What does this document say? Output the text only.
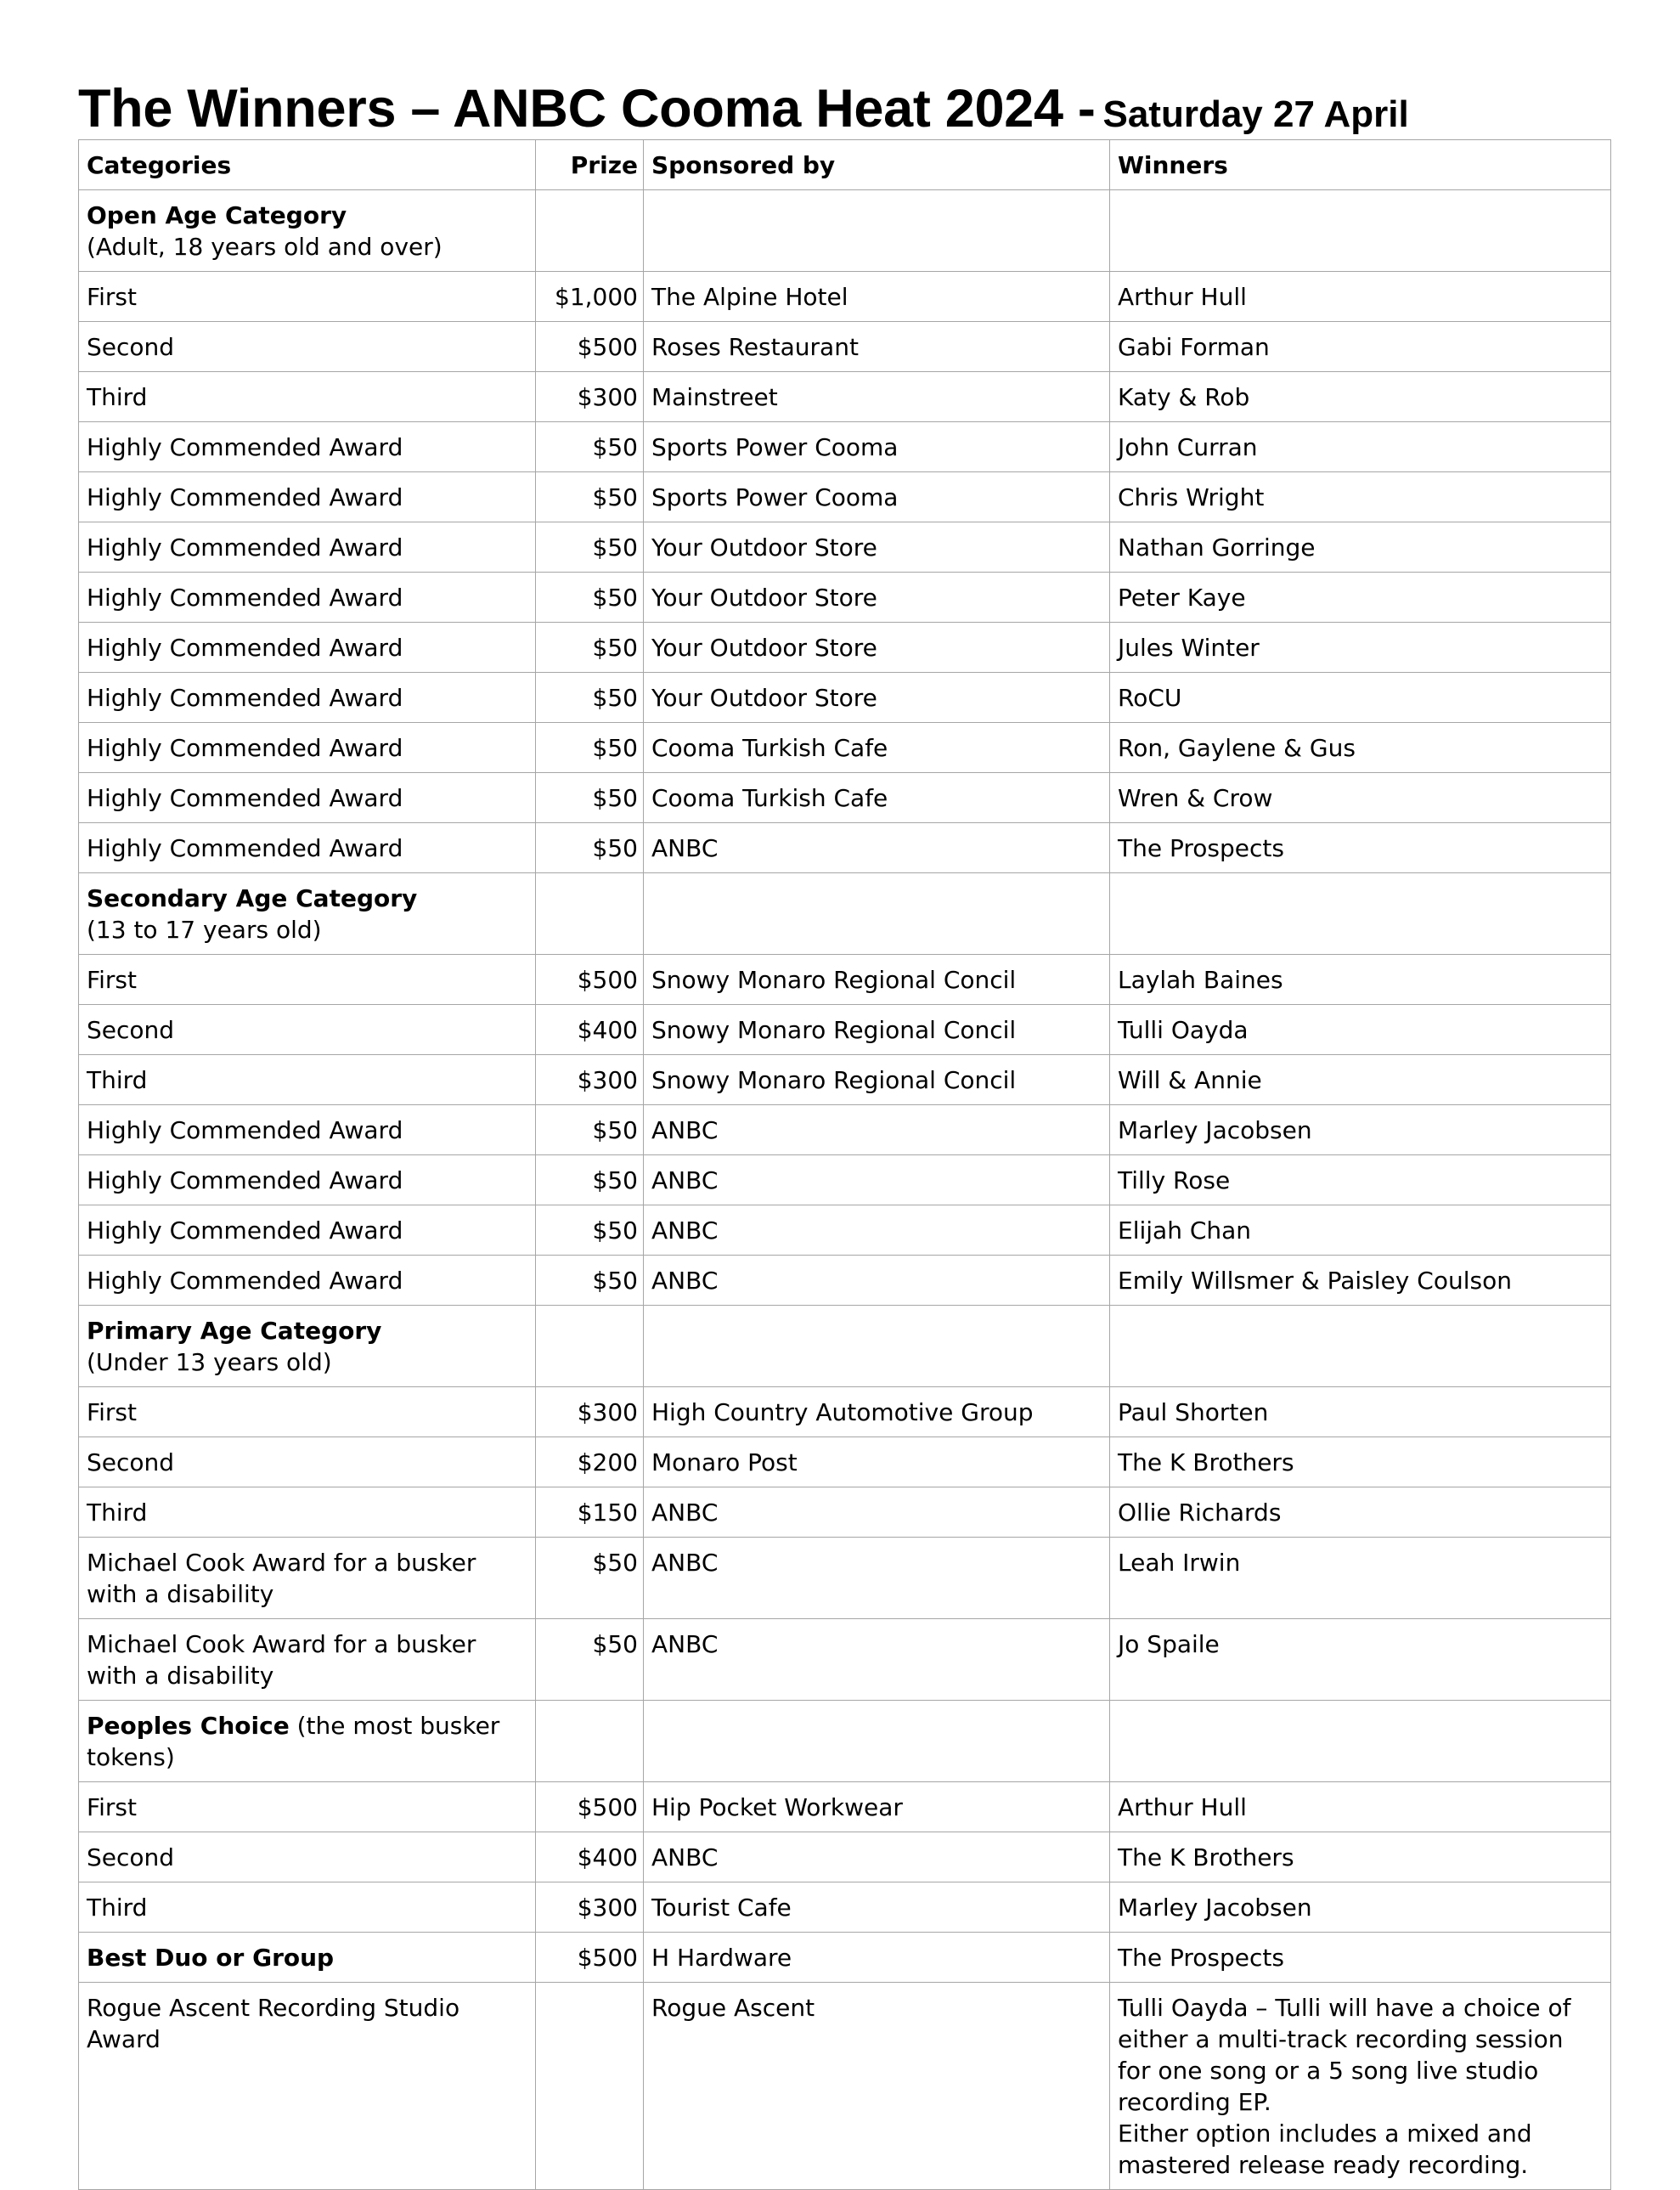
The Winners – ANBC Cooma Heat 2024 - Saturday 27 April
Categories	Prize	Sponsored by	Winners

Open Age Category
(Adult, 18 years old and over)			

First	$1,000	The Alpine Hotel	Arthur Hull
Second	$500	Roses Restaurant	Gabi Forman
Third	$300	Mainstreet	Katy & Rob
Highly Commended Award	$50	Sports Power Cooma	John Curran
Highly Commended Award	$50	Sports Power Cooma	Chris Wright
Highly Commended Award	$50	Your Outdoor Store	Nathan Gorringe
Highly Commended Award	$50	Your Outdoor Store	Peter Kaye
Highly Commended Award	$50	Your Outdoor Store	Jules Winter
Highly Commended Award	$50	Your Outdoor Store	RoCU
Highly Commended Award	$50	Cooma Turkish Cafe	Ron, Gaylene & Gus
Highly Commended Award	$50	Cooma Turkish Cafe	Wren & Crow
Highly Commended Award	$50	ANBC	The Prospects

Secondary Age Category
(13 to 17 years old)			

First	$500	Snowy Monaro Regional Concil	Laylah Baines
Second	$400	Snowy Monaro Regional Concil	Tulli Oayda
Third	$300	Snowy Monaro Regional Concil	Will & Annie
Highly Commended Award	$50	ANBC	Marley Jacobsen
Highly Commended Award	$50	ANBC	Tilly Rose
Highly Commended Award	$50	ANBC	Elijah Chan
Highly Commended Award	$50	ANBC	Emily Willsmer & Paisley Coulson

Primary Age Category
(Under 13 years old)			

First	$300	High Country Automotive Group	Paul Shorten
Second	$200	Monaro Post	The K Brothers
Third	$150	ANBC	Ollie Richards
Michael Cook Award for a busker with a disability	$50	ANBC	Leah Irwin
Michael Cook Award for a busker with a disability	$50	ANBC	Jo Spaile
Peoples Choice (the most busker tokens)			
First	$500	Hip Pocket Workwear	Arthur Hull
Second	$400	ANBC	The K Brothers
Third	$300	Tourist Cafe	Marley Jacobsen
Best Duo or Group	$500	H Hardware	The Prospects
Rogue Ascent Recording Studio Award		Rogue Ascent	Tulli Oayda – Tulli will have a choice of either a multi-track recording session for one song or a 5 song live studio recording EP.
Either option includes a mixed and mastered release ready recording.
